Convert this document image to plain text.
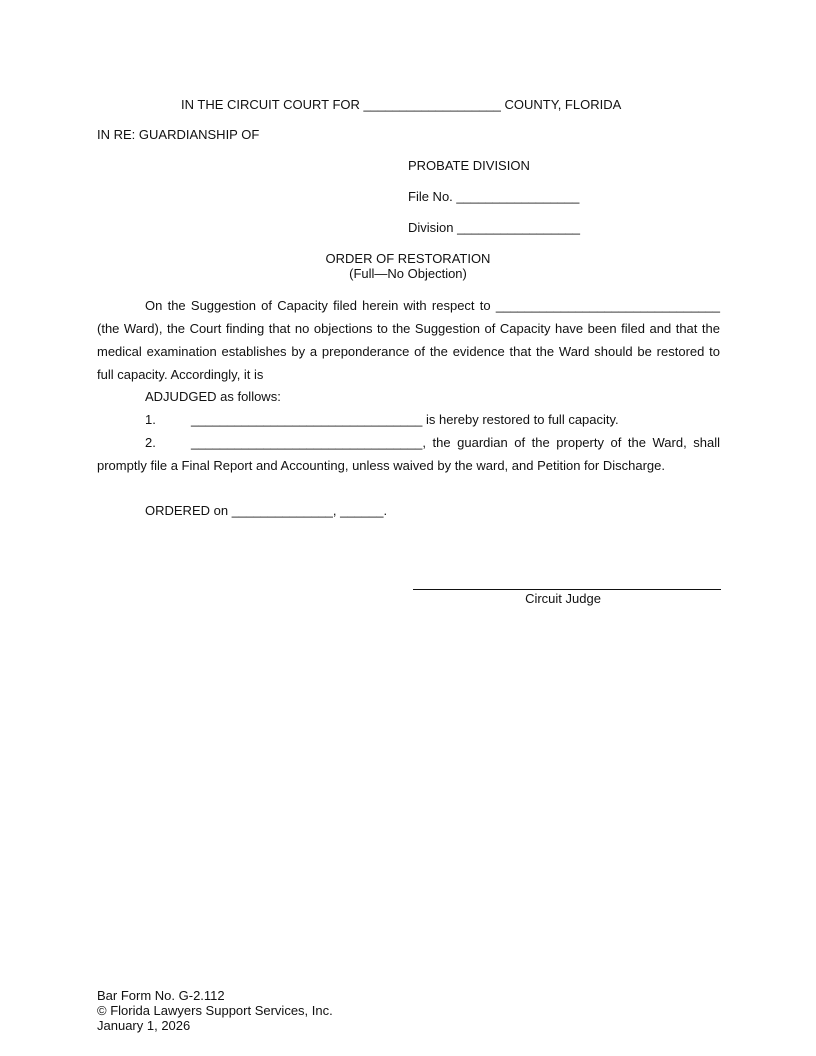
IN THE CIRCUIT COURT FOR ___________________ COUNTY, FLORIDA
IN RE: GUARDIANSHIP OF
PROBATE DIVISION
File No. _________________
Division _________________
ORDER OF RESTORATION
(Full—No Objection)
On the Suggestion of Capacity filed herein with respect to _______________________________ (the Ward), the Court finding that no objections to the Suggestion of Capacity have been filed and that the medical examination establishes by a preponderance of the evidence that the Ward should be restored to full capacity. Accordingly, it is
ADJUDGED as follows:
1.	________________________________ is hereby restored to full capacity.
2.	________________________________, the guardian of the property of the Ward, shall
promptly file a Final Report and Accounting, unless waived by the ward, and Petition for Discharge.
ORDERED on ______________, ______.
Circuit Judge
Bar Form No. G-2.112
© Florida Lawyers Support Services, Inc.
January 1, 2026
